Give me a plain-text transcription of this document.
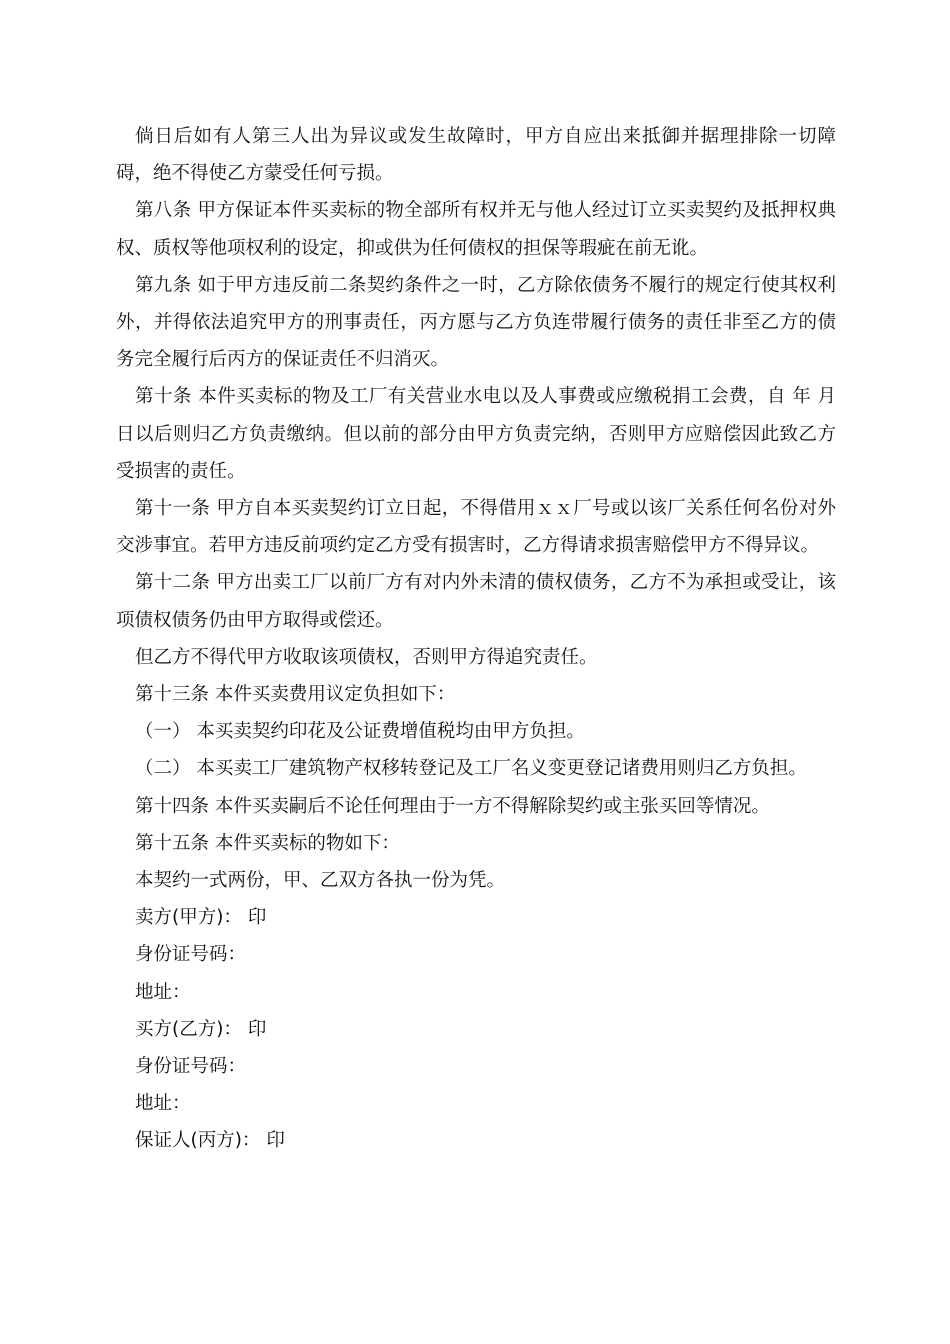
倘日后如有人第三人出为异议或发生故障时，甲方自应出来抵御并据理排除一切障碍，绝不得使乙方蒙受任何亏损。

第八条 甲方保证本件买卖标的物全部所有权并无与他人经过订立买卖契约及抵押权典权、质权等他项权利的设定，抑或供为任何债权的担保等瑕疵在前无讹。

第九条 如于甲方违反前二条契约条件之一时，乙方除依债务不履行的规定行使其权利外，并得依法追究甲方的刑事责任，丙方愿与乙方负连带履行债务的责任非至乙方的债务完全履行后丙方的保证责任不归消灭。

第十条 本件买卖标的物及工厂有关营业水电以及人事费或应缴税捐工会费，自 年 月 日以后则归乙方负责缴纳。但以前的部分由甲方负责完纳，否则甲方应赔偿因此致乙方受损害的责任。

第十一条 甲方自本买卖契约订立日起，不得借用ｘｘ厂号或以该厂关系任何名份对外交涉事宜。若甲方违反前项约定乙方受有损害时，乙方得请求损害赔偿甲方不得异议。

第十二条 甲方出卖工厂以前厂方有对内外未清的债权债务，乙方不为承担或受让，该项债权债务仍由甲方取得或偿还。

但乙方不得代甲方收取该项债权，否则甲方得追究责任。

第十三条 本件买卖费用议定负担如下：

（一） 本买卖契约印花及公证费增值税均由甲方负担。

（二） 本买卖工厂建筑物产权移转登记及工厂名义变更登记诸费用则归乙方负担。

第十四条 本件买卖嗣后不论任何理由于一方不得解除契约或主张买回等情况。

第十五条 本件买卖标的物如下：

本契约一式两份，甲、乙双方各执一份为凭。

卖方(甲方)： 印

身份证号码：

地址：

买方(乙方)： 印

身份证号码：

地址：

保证人(丙方)： 印
